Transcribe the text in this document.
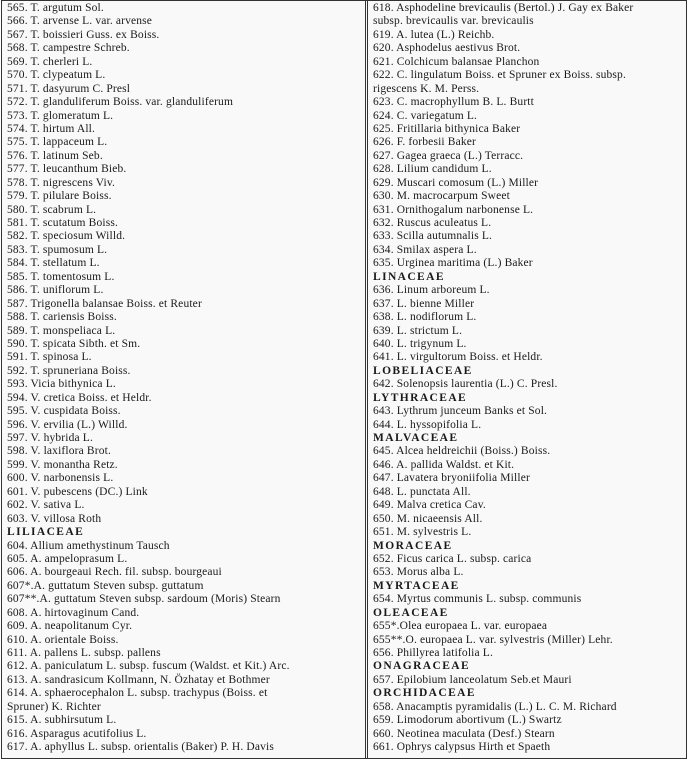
565. T. argutum Sol.
566. T. arvense L. var. arvense
567. T. boissieri Guss. ex Boiss.
568. T. campestre Schreb.
569. T. cherleri L.
570. T. clypeatum L.
571. T. dasyurum C. Presl
572. T. glanduliferum Boiss. var. glanduliferum
573. T. glomeratum L.
574. T. hirtum All.
575. T. lappaceum L.
576. T. latinum Seb.
577. T. leucanthum Bieb.
578. T. nigrescens Viv.
579. T. pilulare Boiss.
580. T. scabrum L.
581. T. scutatum Boiss.
582. T. speciosum Willd.
583. T. spumosum L.
584. T. stellatum L.
585. T. tomentosum L.
586. T. uniflorum L.
587. Trigonella balansae Boiss. et Reuter
588. T. cariensis Boiss.
589. T. monspeliaca L.
590. T. spicata Sibth. et Sm.
591. T. spinosa L.
592. T. spruneriana Boiss.
593. Vicia bithynica L.
594. V. cretica Boiss. et Heldr.
595. V. cuspidata Boiss.
596. V. ervilia (L.) Willd.
597. V. hybrida L.
598. V. laxiflora Brot.
599. V. monantha Retz.
600. V. narbonensis L.
601. V. pubescens (DC.) Link
602. V. sativa L.
603. V. villosa Roth
LILIACEAE
604. Allium amethystinum Tausch
605. A. ampeloprasum L.
606. A. bourgeaui Rech. fil. subsp. bourgeaui
607*.A. guttatum Steven subsp. guttatum
607**.A. guttatum Steven subsp. sardoum (Moris) Stearn
608. A. hirtovaginum Cand.
609. A. neapolitanum Cyr.
610. A. orientale Boiss.
611. A. pallens L. subsp. pallens
612. A. paniculatum L. subsp. fuscum (Waldst. et Kit.) Arc.
613. A. sandrasicum Kollmann, N. Özhatay et Bothmer
614. A. sphaerocephalon L. subsp. trachypus (Boiss. et
Spruner) K. Richter
615. A. subhirsutum L.
616. Asparagus acutifolius L.
617. A. aphyllus L. subsp. orientalis (Baker) P. H. Davis
618. Asphodeline brevicaulis (Bertol.) J. Gay ex Baker
subsp. brevicaulis var. brevicaulis
619. A. lutea (L.) Reichb.
620. Asphodelus aestivus Brot.
621. Colchicum balansae Planchon
622. C. lingulatum Boiss. et Spruner ex Boiss. subsp.
rigescens K. M. Perss.
623. C. macrophyllum B. L. Burtt
624. C. variegatum L.
625. Fritillaria bithynica Baker
626. F. forbesii Baker
627. Gagea graeca (L.) Terracc.
628. Lilium candidum L.
629. Muscari comosum (L.) Miller
630. M. macrocarpum Sweet
631. Ornithogalum narbonense L.
632. Ruscus aculeatus L.
633. Scilla autumnalis L.
634. Smilax aspera L.
635. Urginea maritima (L.) Baker
LINACEAE
636. Linum arboreum L.
637. L. bienne Miller
638. L. nodiflorum L.
639. L. strictum L.
640. L. trigynum L.
641. L. virgultorum Boiss. et Heldr.
LOBELIACEAE
642. Solenopsis laurentia (L.) C. Presl.
LYTHRACEAE
643. Lythrum junceum Banks et Sol.
644. L. hyssopifolia L.
MALVACEAE
645. Alcea heldreichii (Boiss.) Boiss.
646. A. pallida Waldst. et Kit.
647. Lavatera bryoniifolia Miller
648. L. punctata All.
649. Malva cretica Cav.
650. M. nicaeensis All.
651. M. sylvestris L.
MORACEAE
652. Ficus carica L. subsp. carica
653. Morus alba L.
MYRTACEAE
654. Myrtus communis L. subsp. communis
OLEACEAE
655*.Olea europaea L. var. europaea
655**.O. europaea L. var. sylvestris (Miller) Lehr.
656. Phillyrea latifolia L.
ONAGRACEAE
657. Epilobium lanceolatum Seb.et Mauri
ORCHIDACEAE
658. Anacamptis pyramidalis (L.) L. C. M. Richard
659. Limodorum abortivum (L.) Swartz
660. Neotinea maculata (Desf.) Stearn
661. Ophrys calypsus Hirth et Spaeth
